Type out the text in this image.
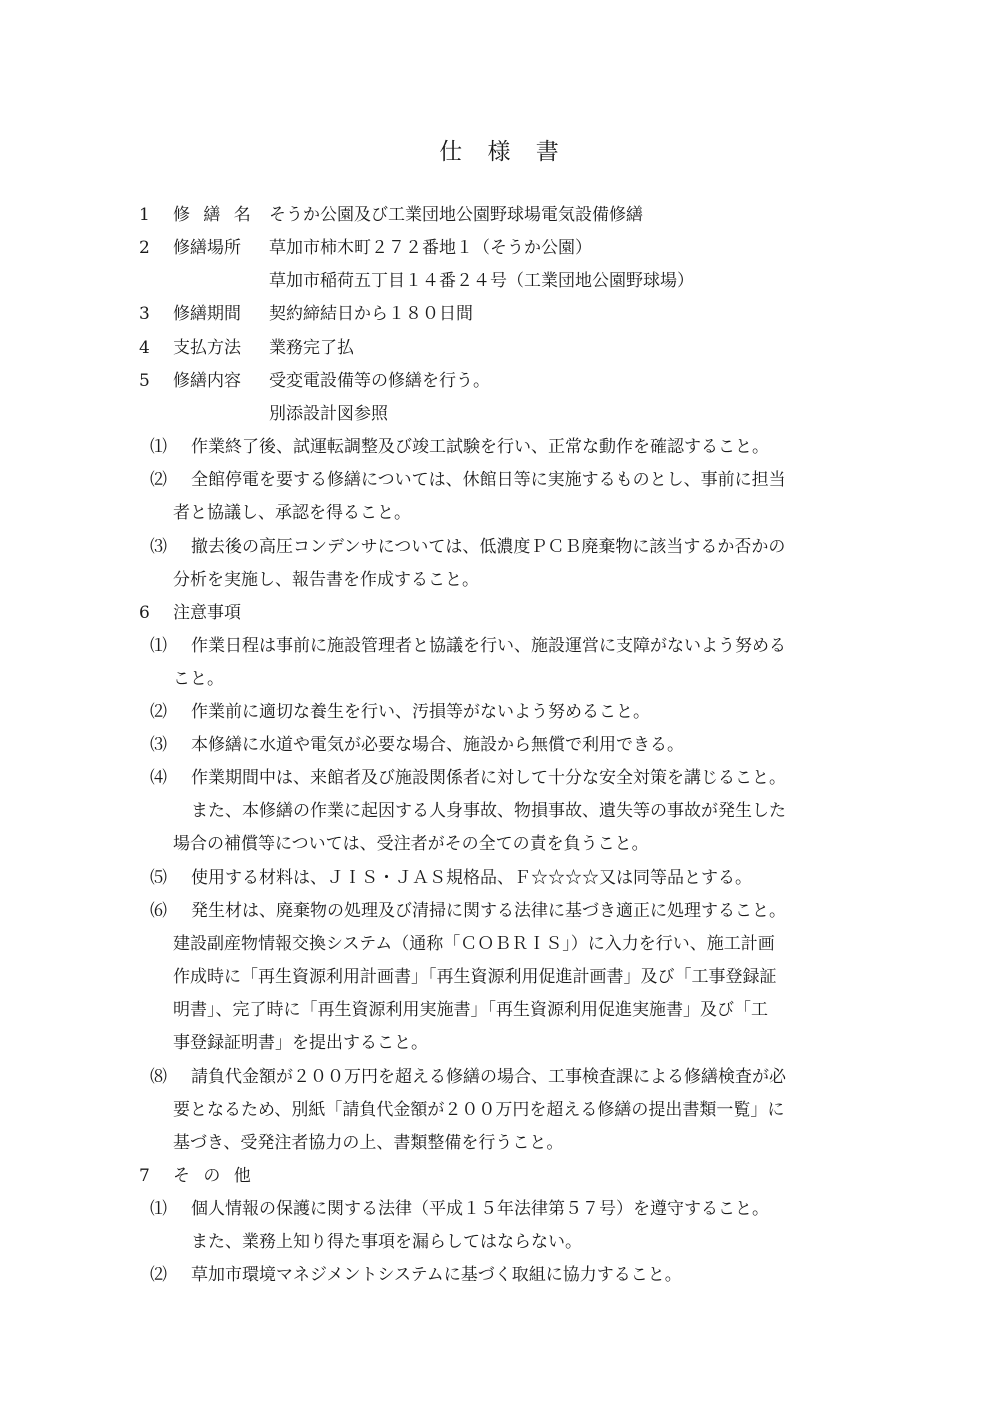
仕 様 書
1 修 繕 名 そうか公園及び工業団地公園野球場電気設備修繕
2 修繕場所 草加市柿木町２７２番地１（そうか公園）
草加市稲荷五丁目１４番２４号（工業団地公園野球場）
3 修繕期間 契約締結日から１８０日間
4 支払方法 業務完了払
5 修繕内容 受変電設備等の修繕を行う。
別添設計図参照
⑴ 作業終了後、試運転調整及び竣工試験を行い、正常な動作を確認すること。
⑵ 全館停電を要する修繕については、休館日等に実施するものとし、事前に担当
者と協議し、承認を得ること。
⑶ 撤去後の高圧コンデンサについては、低濃度ＰＣＢ廃棄物に該当するか否かの
分析を実施し、報告書を作成すること。
6 注意事項
⑴ 作業日程は事前に施設管理者と協議を行い、施設運営に支障がないよう努める
こと。
⑵ 作業前に適切な養生を行い、汚損等がないよう努めること。
⑶ 本修繕に水道や電気が必要な場合、施設から無償で利用できる。
⑷ 作業期間中は、来館者及び施設関係者に対して十分な安全対策を講じること。
また、本修繕の作業に起因する人身事故、物損事故、遺失等の事故が発生した
場合の補償等については、受注者がその全ての責を負うこと。
⑸ 使用する材料は、ＪＩＳ・ＪＡＳ規格品、Ｆ☆☆☆☆又は同等品とする。
⑹ 発生材は、廃棄物の処理及び清掃に関する法律に基づき適正に処理すること。
建設副産物情報交換システム（通称「ＣＯＢＲＩＳ」）に入力を行い、施工計画
作成時に「再生資源利用計画書」「再生資源利用促進計画書」及び「工事登録証
明書」、完了時に「再生資源利用実施書」「再生資源利用促進実施書」及び「工
事登録証明書」を提出すること。
⑻ 請負代金額が２００万円を超える修繕の場合、工事検査課による修繕検査が必
要となるため、別紙「請負代金額が２００万円を超える修繕の提出書類一覧」に
基づき、受発注者協力の上、書類整備を行うこと。
7 そ の 他
⑴ 個人情報の保護に関する法律（平成１５年法律第５７号）を遵守すること。
また、業務上知り得た事項を漏らしてはならない。
⑵ 草加市環境マネジメントシステムに基づく取組に協力すること。
